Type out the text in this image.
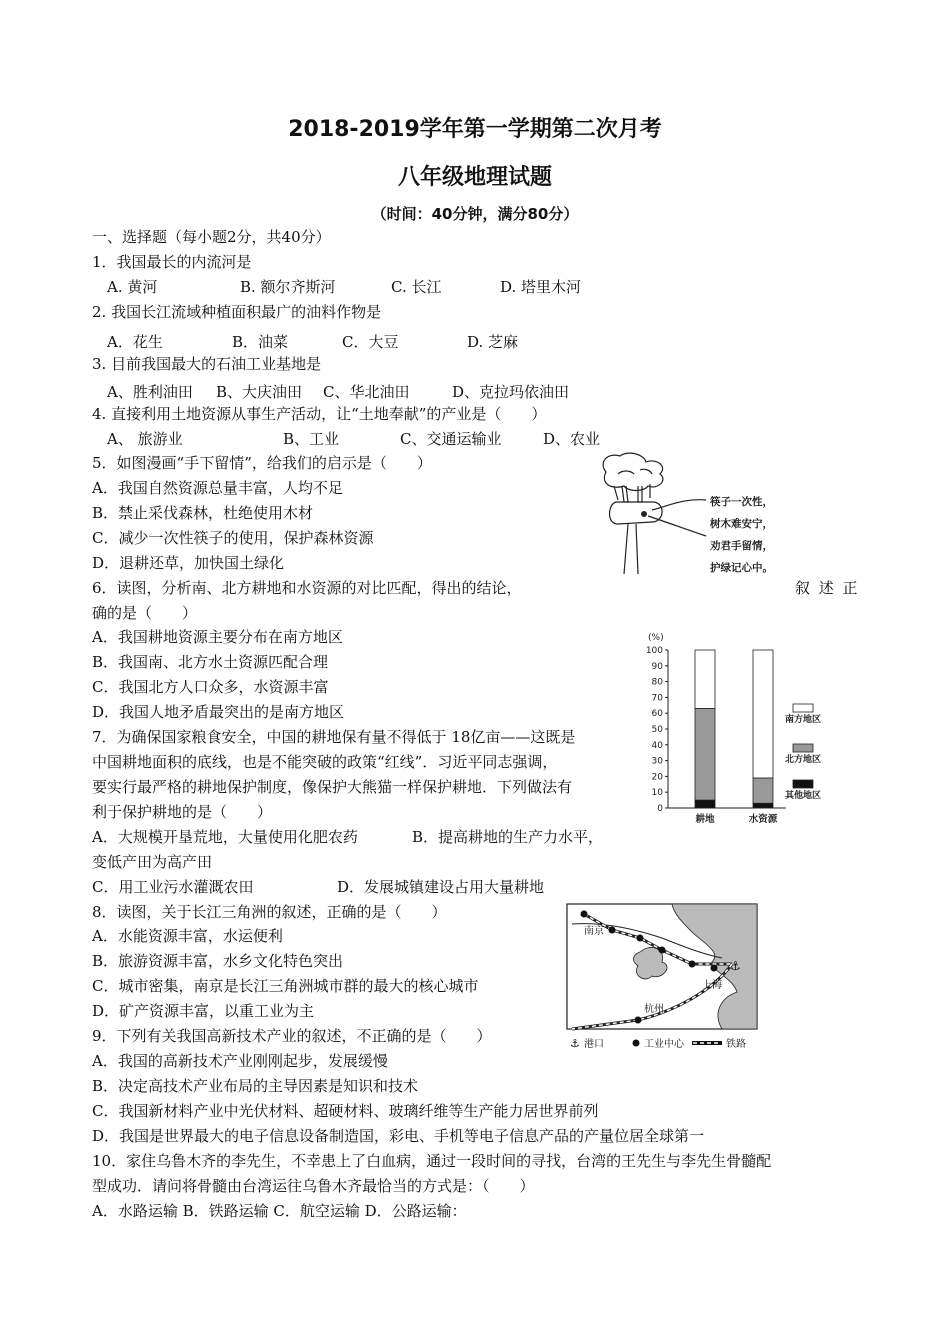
2018-2019学年第一学期第二次月考
八年级地理试题
（时间：40分钟，满分80分）
一、选择题（每小题2分，共40分）
1．我国最长的内流河是
A. 黄河	B. 额尔齐斯河	C. 长江	D. 塔里木河
2. 我国长江流域种植面积最广的油料作物是
A．花生	B．油菜	C．大豆	D. 芝麻
3. 目前我国最大的石油工业基地是
A、胜利油田 B、大庆油田 C、华北油田	D、克拉玛依油田
4. 直接利用土地资源从事生产活动，让“土地奉献”的产业是（　　）
A、 旅游业	B、工业	C、交通运输业	D、农业
5．如图漫画“手下留情”，给我们的启示是（　　）
A．我国自然资源总量丰富，人均不足
B．禁止采伐森林，杜绝使用木材
C．减少一次性筷子的使用，保护森林资源
D．退耕还草，加快国土绿化
筷子一次性，
树木难安宁，
劝君手留情，
护绿记心中。
6．读图，分析南、北方耕地和水资源的对比匹配，得出的结论，	叙 述 正
确的是（　　）
A．我国耕地资源主要分布在南方地区
B．我国南、北方水土资源匹配合理
C．我国北方人口众多，水资源丰富
D．我国人地矛盾最突出的是南方地区
(%)
0
10
20
30
40
50
60
70
80
90
100
耕地	水资源
南方地区
北方地区
其他地区
7．为确保国家粮食安全，中国的耕地保有量不得低于 18亿亩——这既是
中国耕地面积的底线，也是不能突破的政策“红线”．习近平同志强调，
要实行最严格的耕地保护制度，像保护大熊猫一样保护耕地．下列做法有
利于保护耕地的是（　　）
A．大规模开垦荒地，大量使用化肥农药	B．提高耕地的生产力水平，
变低产田为高产田
C．用工业污水灌溉农田	D．发展城镇建设占用大量耕地
8．读图，关于长江三角洲的叙述，正确的是（　　）
A．水能资源丰富，水运便利
B．旅游资源丰富，水乡文化特色突出
C．城市密集，南京是长江三角洲城市群的最大的核心城市
D．矿产资源丰富，以重工业为主
⚓
南京
上海
杭州
⚓ 港口	工业中心	铁路
9．下列有关我国高新技术产业的叙述，不正确的是（　　）
A．我国的高新技术产业刚刚起步，发展缓慢
B．决定高技术产业布局的主导因素是知识和技术
C．我国新材料产业中光伏材料、超硬材料、玻璃纤维等生产能力居世界前列
D．我国是世界最大的电子信息设备制造国，彩电、手机等电子信息产品的产量位居全球第一
10．家住乌鲁木齐的李先生，不幸患上了白血病，通过一段时间的寻找，台湾的王先生与李先生骨髓配
型成功．请问将骨髓由台湾运往乌鲁木齐最恰当的方式是：（　　）
A．水路运输 B．铁路运输 C．航空运输 D．公路运输：
